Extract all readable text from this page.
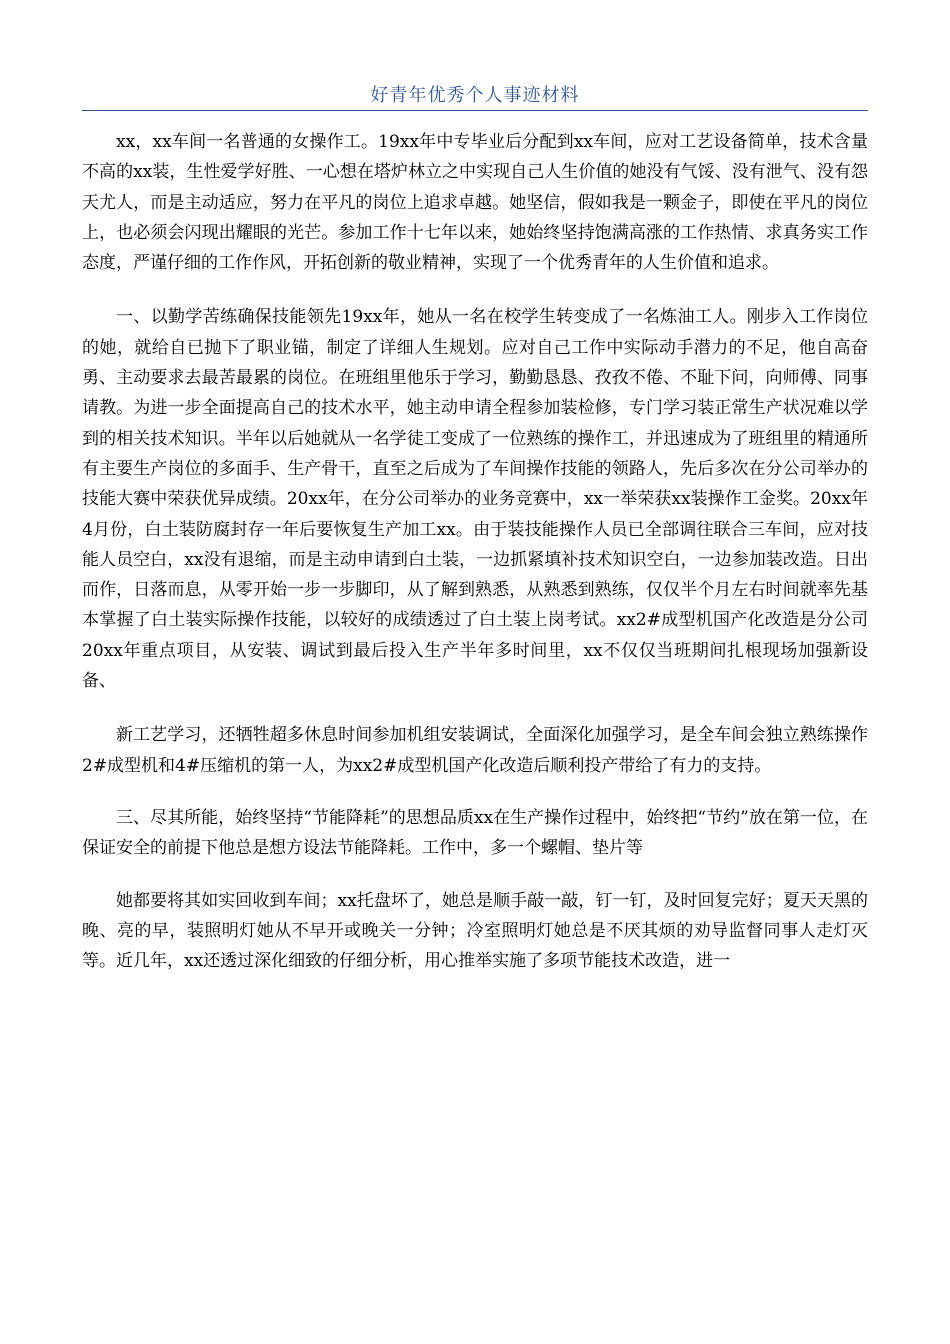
好青年优秀个人事迹材料

xx，xx车间一名普通的女操作工。19xx年中专毕业后分配到xx车间，应对工艺设备简单，技术含量不高的xx装，生性爱学好胜、一心想在塔炉林立之中实现自己人生价值的她没有气馁、没有泄气、没有怨天尤人，而是主动适应，努力在平凡的岗位上追求卓越。她坚信，假如我是一颗金子，即使在平凡的岗位上，也必须会闪现出耀眼的光芒。参加工作十七年以来，她始终坚持饱满高涨的工作热情、求真务实工作态度，严谨仔细的工作作风，开拓创新的敬业精神，实现了一个优秀青年的人生价值和追求。

一、以勤学苦练确保技能领先19xx年，她从一名在校学生转变成了一名炼油工人。刚步入工作岗位的她，就给自已抛下了职业锚，制定了详细人生规划。应对自己工作中实际动手潜力的不足，他自高奋勇、主动要求去最苦最累的岗位。在班组里他乐于学习，勤勤恳恳、孜孜不倦、不耻下问，向师傅、同事请教。为进一步全面提高自己的技术水平，她主动申请全程参加装检修，专门学习装正常生产状况难以学到的相关技术知识。半年以后她就从一名学徒工变成了一位熟练的操作工，并迅速成为了班组里的精通所有主要生产岗位的多面手、生产骨干，直至之后成为了车间操作技能的领路人，先后多次在分公司举办的技能大赛中荣获优异成绩。20xx年，在分公司举办的业务竞赛中，xx一举荣获xx装操作工金奖。20xx年4月份，白土装防腐封存一年后要恢复生产加工xx。由于装技能操作人员已全部调往联合三车间，应对技能人员空白，xx没有退缩，而是主动申请到白土装，一边抓紧填补技术知识空白，一边参加装改造。日出而作，日落而息，从零开始一步一步脚印，从了解到熟悉，从熟悉到熟练，仅仅半个月左右时间就率先基本掌握了白土装实际操作技能，以较好的成绩透过了白土装上岗考试。xx2#成型机国产化改造是分公司20xx年重点项目，从安装、调试到最后投入生产半年多时间里，xx不仅仅当班期间扎根现场加强新设备、

新工艺学习，还牺牲超多休息时间参加机组安装调试，全面深化加强学习，是全车间会独立熟练操作2#成型机和4#压缩机的第一人，为xx2#成型机国产化改造后顺利投产带给了有力的支持。

三、尽其所能，始终坚持“节能降耗”的思想品质xx在生产操作过程中，始终把“节约”放在第一位，在保证安全的前提下他总是想方设法节能降耗。工作中，多一个螺帽、垫片等

她都要将其如实回收到车间；xx托盘坏了，她总是顺手敲一敲，钉一钉，及时回复完好；夏天天黑的晚、亮的早，装照明灯她从不早开或晚关一分钟；冷室照明灯她总是不厌其烦的劝导监督同事人走灯灭等。近几年，xx还透过深化细致的仔细分析，用心推举实施了多项节能技术改造，进一
